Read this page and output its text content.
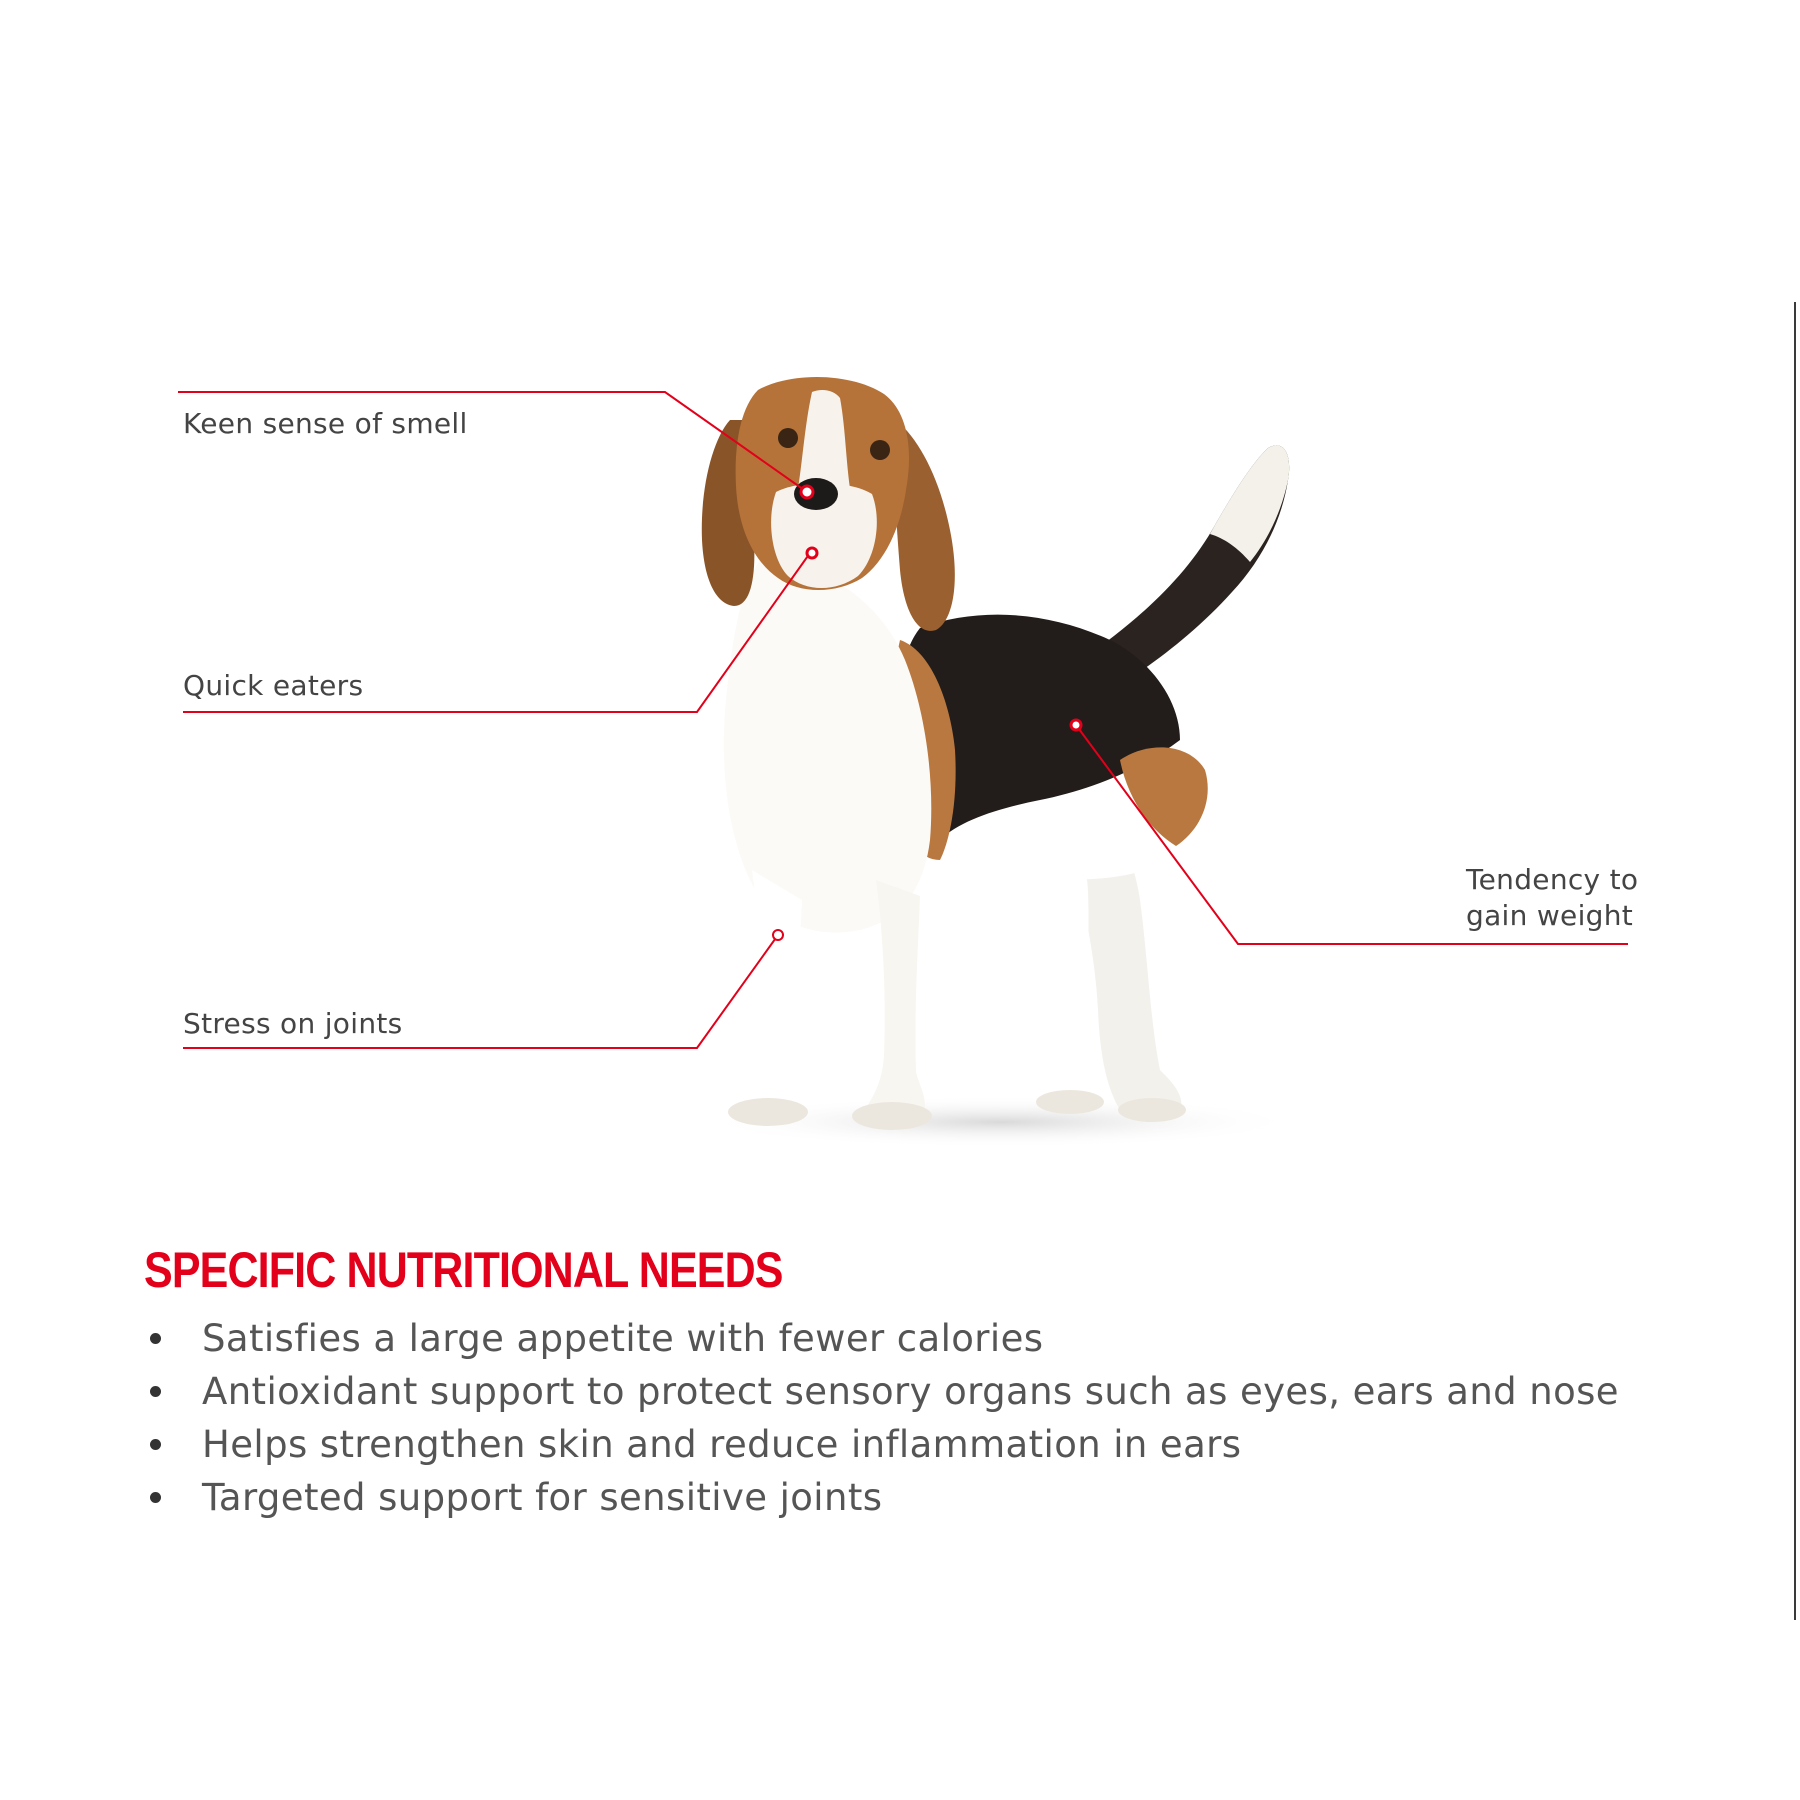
Keen sense of smell
Quick eaters
Stress on joints
Tendency to gain weight
SPECIFIC NUTRITIONAL NEEDS
Satisfies a large appetite with fewer calories
Antioxidant support to protect sensory organs such as eyes, ears and nose
Helps strengthen skin and reduce inflammation in ears
Targeted support for sensitive joints
